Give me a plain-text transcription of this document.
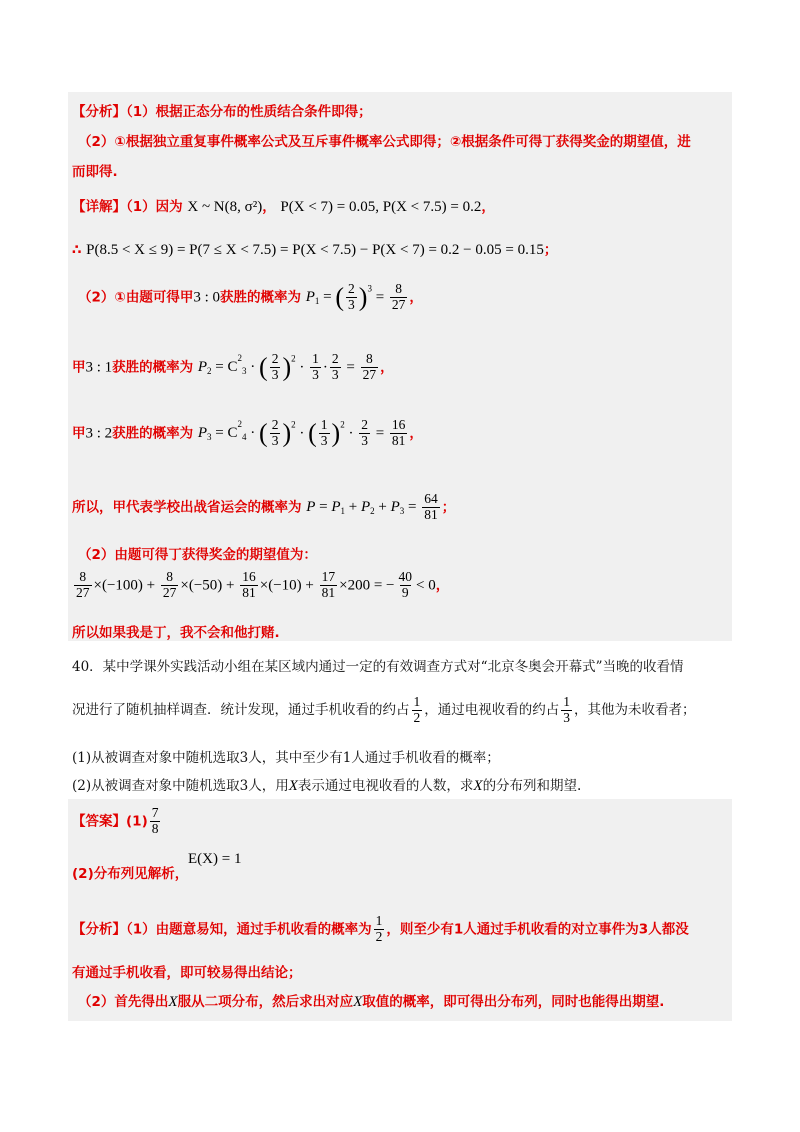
【分析】（1）根据正态分布的性质结合条件即得；
（2）①根据独立重复事件概率公式及互斥事件概率公式即得；②根据条件可得丁获得奖金的期望值，进
而即得.
【详解】（1）因为 X ~ N(8, σ²)， P(X < 7) = 0.05, P(X < 7.5) = 0.2，
∴ P(8.5 < X ≤ 9) = P(7 ≤ X < 7.5) = P(X < 7.5) − P(X < 7) = 0.2 − 0.05 = 0.15；
（2）①由题可得甲3 : 0获胜的概率为 $P_1$ = ( $\frac{2}{3} )^3 = \frac{8}{27}$ ，
甲3 : 1获胜的概率为 $P_2 = C^2_3$ · ( $\frac{2}{3} )^2 \cdot \frac{1}{3} \cdot \frac{2}{3} = \frac{8}{27}$ ，
甲3 : 2获胜的概率为 $P_3 = C^2_4$ · ( $\frac{2}{3} )^2$ · ( $\frac{1}{3} )^2 \cdot \frac{2}{3} = \frac{16}{81}$ ，
所以，甲代表学校出战省运会的概率为 $P = P_1 + P_2 + P_3 = \frac{64}{81}$ ；
（2）由题可得丁获得奖金的期望值为：
$\frac{8}{27} \times(-100) + \frac{8}{27} \times(-50) + \frac{16}{81} \times(-10) + \frac{17}{81} \times 200$ = − $\frac{40}{9} < 0$，
所以如果我是丁，我不会和他打赌.
40．某中学课外实践活动小组在某区域内通过一定的有效调查方式对“北京冬奥会开幕式”当晚的收看情
况进行了随机抽样调查．统计发现，通过手机收看的约占 $\frac{1}{2}$ ，通过电视收看的约占 $\frac{1}{3}$ ，其他为未收看者；
(1)从被调查对象中随机选取3人，其中至少有1人通过手机收看的概率；
(2)从被调查对象中随机选取3人，用X表示通过电视收看的人数，求X的分布列和期望.
【答案】$(1) \frac{7}{8}$
(2)分布列见解析，
E(X) = 1
【分析】（1）由题意易知，通过手机收看的概率为 $\frac{1}{2}$ ，则至少有1人通过手机收看的对立事件为3人都没
有通过手机收看，即可较易得出结论；
（2）首先得出X服从二项分布，然后求出对应X取值的概率，即可得出分布列，同时也能得出期望.
